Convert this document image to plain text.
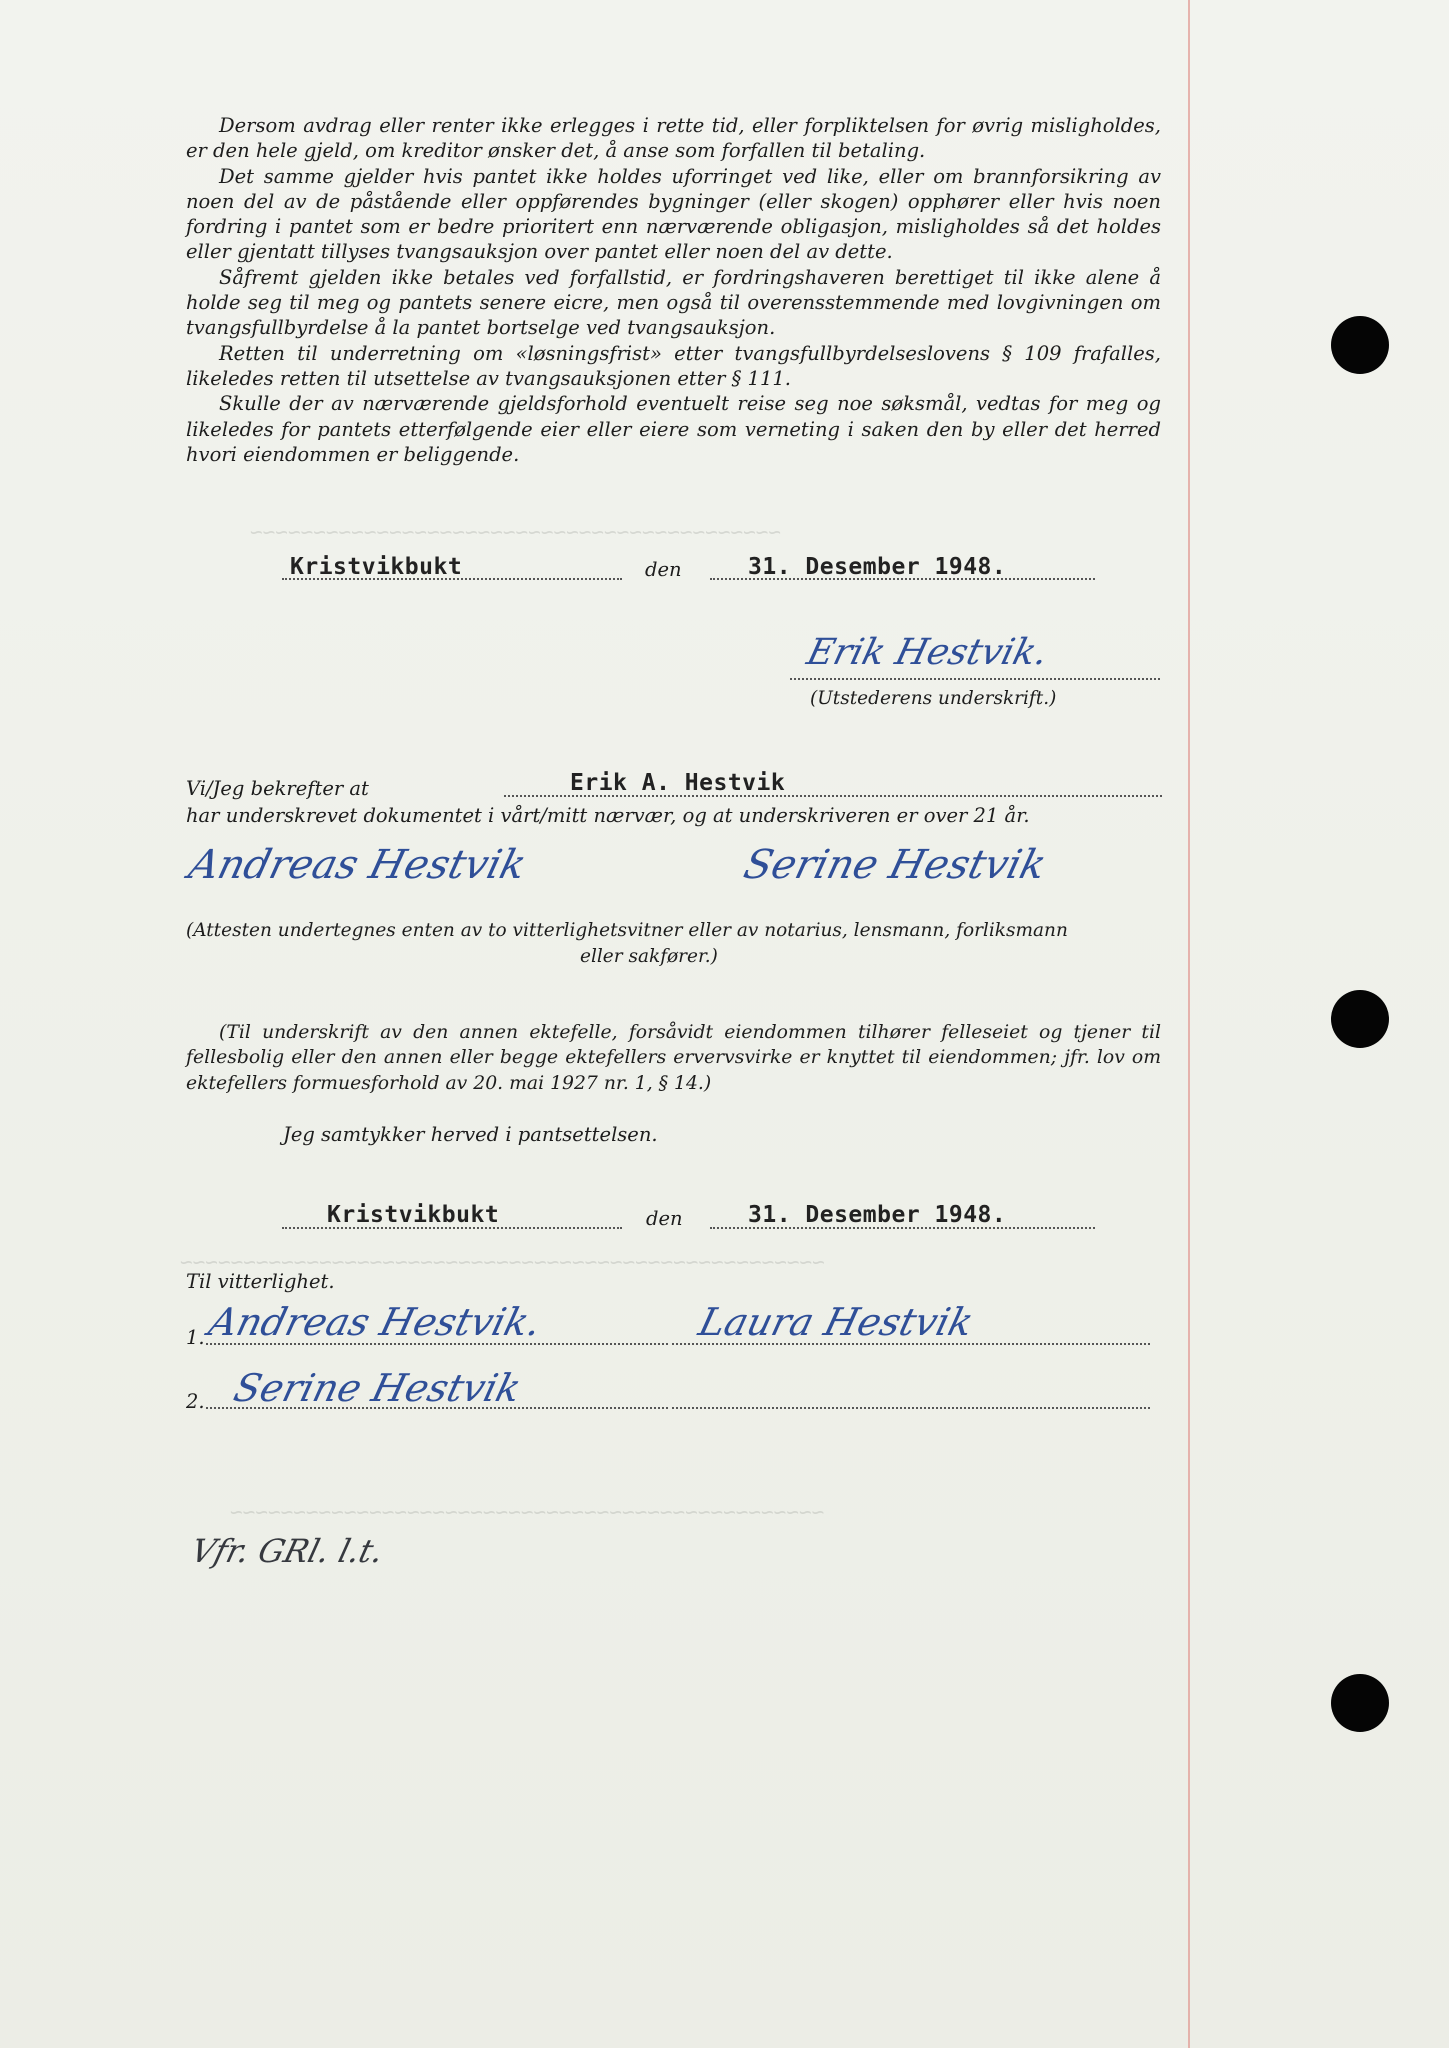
~~~~~~~~~~~~~~~~~~~~~~~~~~~~~~~~~~~~~~~~~~
~~~~~~~~~~~~~~~~~~~~~~~~~~~~~~~~~~~~~~~~~~~~~~~~~~~
~~~~~~~~~~~~~~~~~~~~~~~~~~~~~~~~~~~~~~~~~~~~~~~

Dersom avdrag eller renter ikke erlegges i rette tid, eller forpliktelsen for øvrig misligholdes, er den hele gjeld, om kreditor ønsker det, å anse som forfallen til betaling.

Det samme gjelder hvis pantet ikke holdes uforringet ved like, eller om brannforsikring av noen del av de påstående eller oppførendes bygninger (eller skogen) opphører eller hvis noen fordring i pantet som er bedre prioritert enn nærværende obligasjon, misligholdes så det holdes eller gjentatt tillyses tvangsauksjon over pantet eller noen del av dette.

Såfremt gjelden ikke betales ved forfallstid, er fordringshaveren berettiget til ikke alene å holde seg til meg og pantets senere eicre, men også til overensstemmende med lovgivningen om tvangsfullbyrdelse å la pantet bortselge ved tvangsauksjon.

Retten til underretning om «løsningsfrist» etter tvangsfullbyrdelseslovens § 109 frafalles, likeledes retten til utsettelse av tvangsauksjonen etter § 111.

Skulle der av nærværende gjeldsforhold eventuelt reise seg noe søksmål, vedtas for meg og likeledes for pantets etterfølgende eier eller eiere som verneting i saken den by eller det herred hvori eiendommen er beliggende.

Kristvikbukt	den	31. Desember 1948.
Erik Hestvik.
(Utstederens underskrift.)
Vi/Jeg bekrefter at	Erik A. Hestvik
har underskrevet dokumentet i vårt/mitt nærvær, og at underskriveren er over 21 år.
Andreas Hestvik	Serine Hestvik
(Attesten undertegnes enten av to vitterlighetsvitner eller av notarius, lensmann, forliksmann
eller sakfører.)

(Til underskrift av den annen ektefelle, forsåvidt eiendommen tilhører felleseiet og tjener til fellesbolig eller den annen eller begge ektefellers ervervsvirke er knyttet til eiendommen; jfr. lov om ektefellers formuesforhold av 20. mai 1927 nr. 1, § 14.)

Jeg samtykker herved i pantsettelsen.
Kristvikbukt	den	31. Desember 1948.
Til vitterlighet.
1. Andreas Hestvik.	Laura Hestvik
2. Serine Hestvik
Vfr. GRl. l.t.
